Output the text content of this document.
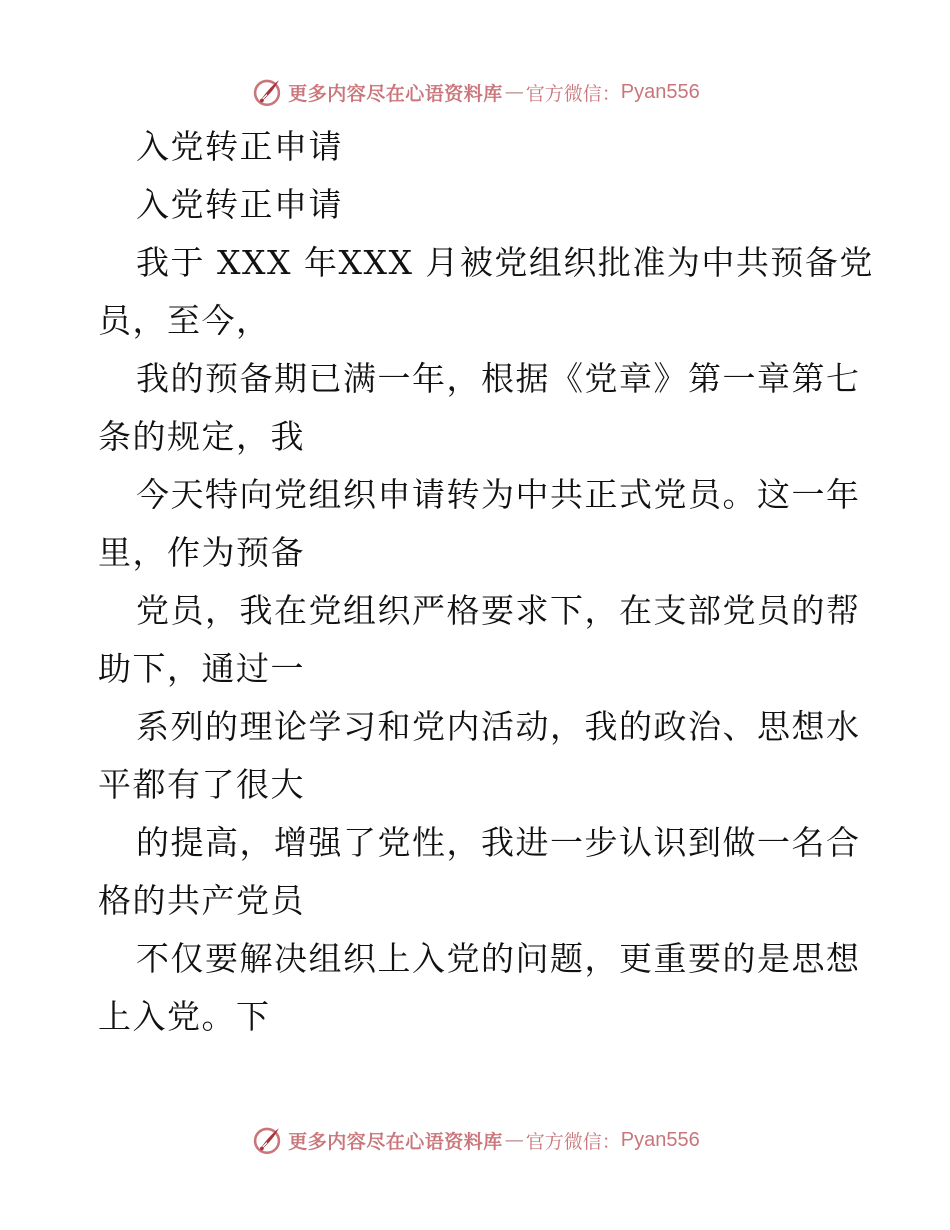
更多内容尽在心语资料库 — 官方微信： Pyan556
入党转正申请
入党转正申请
我于 XXX 年XXX 月被党组织批准为中共预备党
员，至今，
我的预备期已满一年，根据《党章》第一章第七
条的规定，我
今天特向党组织申请转为中共正式党员。这一年
里，作为预备
党员，我在党组织严格要求下，在支部党员的帮
助下，通过一
系列的理论学习和党内活动，我的政治、思想水
平都有了很大
的提高，增强了党性，我进一步认识到做一名合
格的共产党员
不仅要解决组织上入党的问题，更重要的是思想
上入党。下
更多内容尽在心语资料库 — 官方微信： Pyan556
